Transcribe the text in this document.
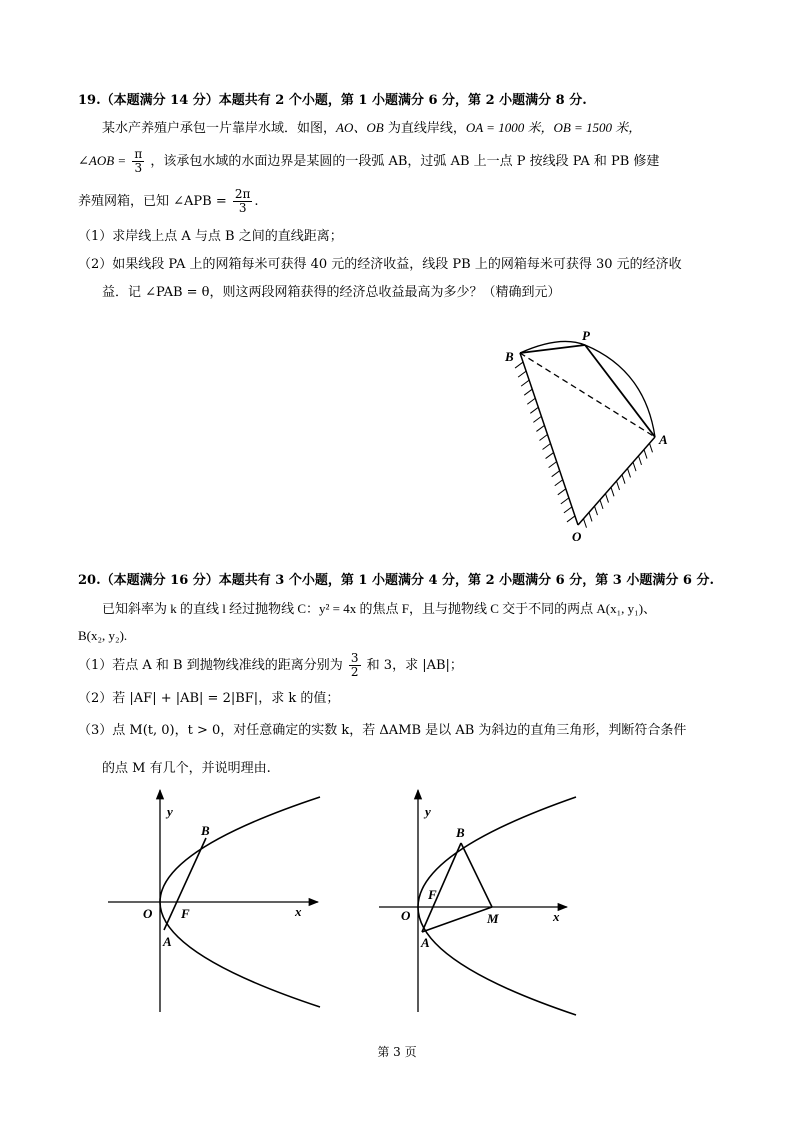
19.（本题满分 14 分）本题共有 2 个小题，第 1 小题满分 6 分，第 2 小题满分 8 分.
某水产养殖户承包一片靠岸水域．如图，AO、OB 为直线岸线，OA = 1000 米，OB = 1500 米，
∠AOB = $\frac{\pi}{3}$ ，该承包水域的水面边界是某圆的一段弧 AB，过弧 AB 上一点 P 按线段 PA 和 PB 修建
养殖网箱，已知 ∠APB = $\frac{2\pi}{3}$ .
（1）求岸线上点 A 与点 B 之间的直线距离；
（2）如果线段 PA 上的网箱每米可获得 40 元的经济收益，线段 PB 上的网箱每米可获得 30 元的经济收
益．记 ∠PAB = θ，则这两段网箱获得的经济总收益最高为多少？（精确到元）
B
P
A
O
20.（本题满分 16 分）本题共有 3 个小题，第 1 小题满分 4 分，第 2 小题满分 6 分，第 3 小题满分 6 分.
已知斜率为 k 的直线 l 经过抛物线 C：y² = 4x 的焦点 F，且与抛物线 C 交于不同的两点 A(x₁, y₁)、
B(x₂, y₂).
（1）若点 A 和 B 到抛物线准线的距离分别为 $\frac{3}{2}$ 和 3，求 |AB|；
（2）若 |AF| + |AB| = 2|BF|，求 k 的值；
（3）点 M(t, 0)，t > 0，对任意确定的实数 k，若 ΔAMB 是以 AB 为斜边的直角三角形，判断符合条件
的点 M 有几个，并说明理由.
y
x
O F
A
B
y
x
O
F
A
B
M
第 3 页
